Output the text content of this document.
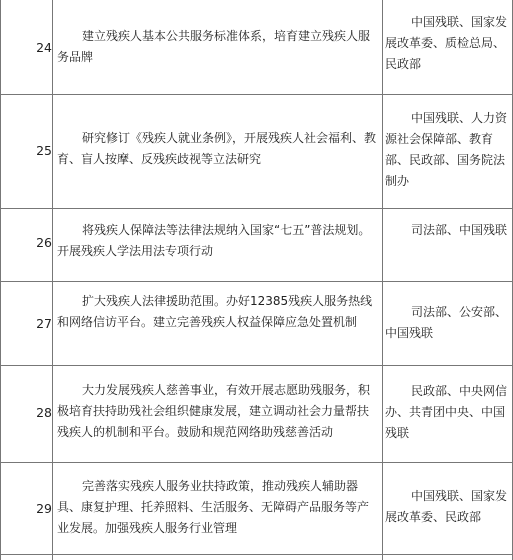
24
建立残疾人基本公共服务标准体系，培育建立残疾人服务品牌
中国残联、国家发展改革委、质检总局、民政部
25
研究修订《残疾人就业条例》，开展残疾人社会福利、教育、盲人按摩、反残疾歧视等立法研究
中国残联、人力资源社会保障部、教育部、民政部、国务院法制办
26
将残疾人保障法等法律法规纳入国家“七五”普法规划。开展残疾人学法用法专项行动
司法部、中国残联
27
扩大残疾人法律援助范围。办好12385残疾人服务热线和网络信访平台。建立完善残疾人权益保障应急处置机制
司法部、公安部、中国残联
28
大力发展残疾人慈善事业，有效开展志愿助残服务，积极培育扶持助残社会组织健康发展，建立调动社会力量帮扶残疾人的机制和平台。鼓励和规范网络助残慈善活动
民政部、中央网信办、共青团中央、中国残联
29
完善落实残疾人服务业扶持政策，推动残疾人辅助器具、康复护理、托养照料、生活服务、无障碍产品服务等产业发展。加强残疾人服务行业管理
中国残联、国家发展改革委、民政部
